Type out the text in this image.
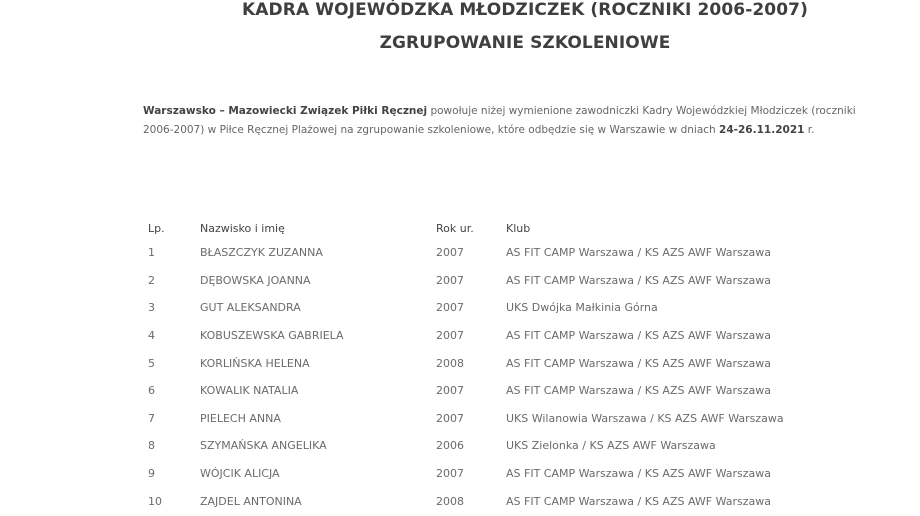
KADRA WOJEWÓDZKA MŁODZICZEK (ROCZNIKI 2006-2007)
ZGRUPOWANIE SZKOLENIOWE

Warszawsko – Mazowiecki Związek Piłki Ręcznej powołuje niżej wymienione zawodniczki Kadry Wojewódzkiej Młodziczek (roczniki 2006-2007) w Piłce Ręcznej Plażowej na zgrupowanie szkoleniowe, które odbędzie się w Warszawie w dniach 24-26.11.2021 r.

Lp.	Nazwisko i imię	Rok ur.	Klub
1	BŁASZCZYK ZUZANNA	2007	AS FIT CAMP Warszawa / KS AZS AWF Warszawa
2	DĘBOWSKA JOANNA	2007	AS FIT CAMP Warszawa / KS AZS AWF Warszawa
3	GUT ALEKSANDRA	2007	UKS Dwójka Małkinia Górna
4	KOBUSZEWSKA GABRIELA	2007	AS FIT CAMP Warszawa / KS AZS AWF Warszawa
5	KORLIŃSKA HELENA	2008	AS FIT CAMP Warszawa / KS AZS AWF Warszawa
6	KOWALIK NATALIA	2007	AS FIT CAMP Warszawa / KS AZS AWF Warszawa
7	PIELECH ANNA	2007	UKS Wilanowia Warszawa / KS AZS AWF Warszawa
8	SZYMAŃSKA ANGELIKA	2006	UKS Zielonka / KS AZS AWF Warszawa
9	WÓJCIK ALICJA	2007	AS FIT CAMP Warszawa / KS AZS AWF Warszawa
10	ZAJDEL ANTONINA	2008	AS FIT CAMP Warszawa / KS AZS AWF Warszawa
